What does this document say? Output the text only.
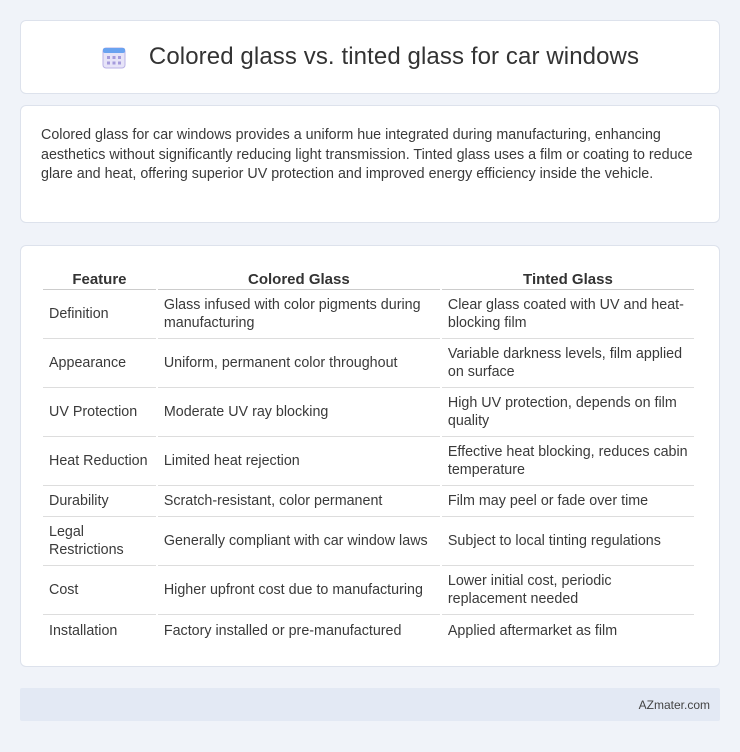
Colored glass vs. tinted glass for car windows

Colored glass for car windows provides a uniform hue integrated during manufacturing, enhancing aesthetics without significantly reducing light transmission. Tinted glass uses a film or coating to reduce glare and heat, offering superior UV protection and improved energy efficiency inside the vehicle.

Feature	Colored Glass	Tinted Glass
Definition	Glass infused with color pigments during manufacturing	Clear glass coated with UV and heat-blocking film
Appearance	Uniform, permanent color throughout	Variable darkness levels, film applied on surface
UV Protection	Moderate UV ray blocking	High UV protection, depends on film quality
Heat Reduction	Limited heat rejection	Effective heat blocking, reduces cabin temperature
Durability	Scratch-resistant, color permanent	Film may peel or fade over time
Legal Restrictions	Generally compliant with car window laws	Subject to local tinting regulations
Cost	Higher upfront cost due to manufacturing	Lower initial cost, periodic replacement needed
Installation	Factory installed or pre-manufactured	Applied aftermarket as film
AZmater.com
